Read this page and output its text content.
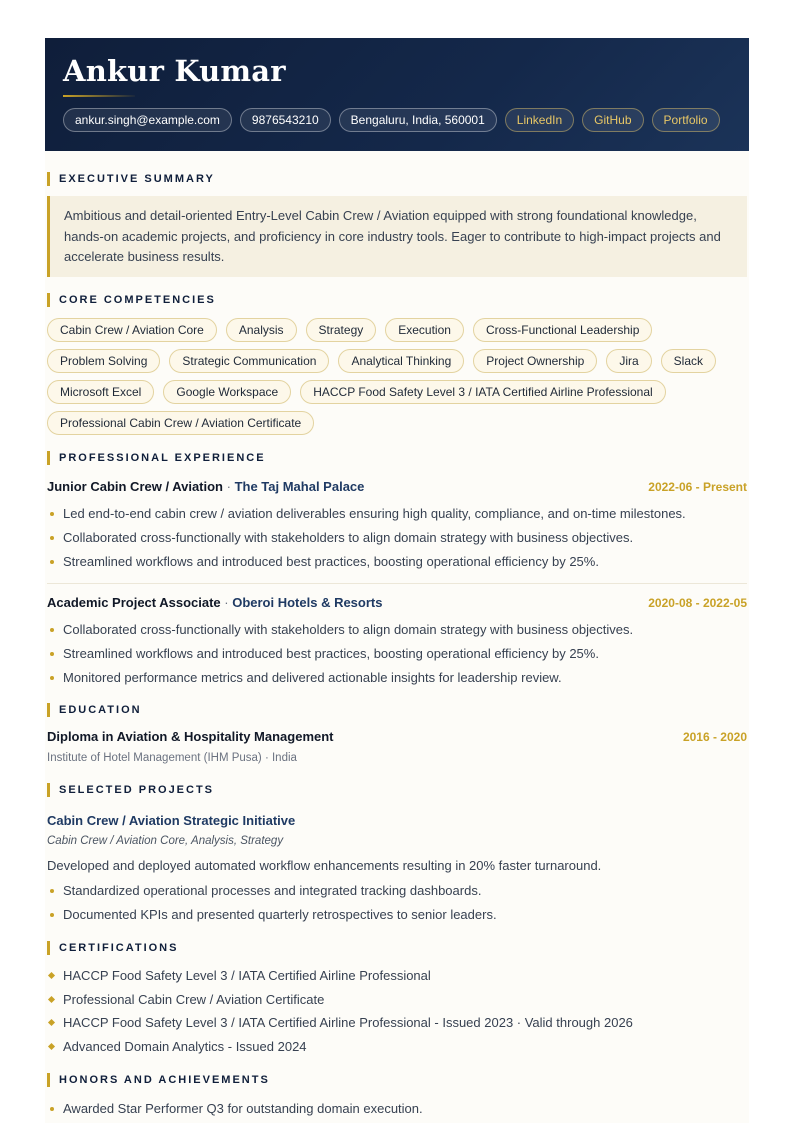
Ankur Kumar
ankur.singh@example.com	9876543210	Bengaluru, India, 560001	LinkedIn	GitHub	Portfolio
EXECUTIVE SUMMARY
Ambitious and detail-oriented Entry-Level Cabin Crew / Aviation equipped with strong foundational knowledge, hands-on academic projects, and proficiency in core industry tools. Eager to contribute to high-impact projects and accelerate business results.
CORE COMPETENCIES
Cabin Crew / Aviation Core	Analysis	Strategy	Execution	Cross-Functional Leadership
Problem Solving	Strategic Communication	Analytical Thinking	Project Ownership	Jira	Slack
Microsoft Excel	Google Workspace	HACCP Food Safety Level 3 / IATA Certified Airline Professional
Professional Cabin Crew / Aviation Certificate
PROFESSIONAL EXPERIENCE
Junior Cabin Crew / Aviation · The Taj Mahal Palace	2022-06 - Present
Led end-to-end cabin crew / aviation deliverables ensuring high quality, compliance, and on-time milestones.
Collaborated cross-functionally with stakeholders to align domain strategy with business objectives.
Streamlined workflows and introduced best practices, boosting operational efficiency by 25%.
Academic Project Associate · Oberoi Hotels & Resorts	2020-08 - 2022-05
Collaborated cross-functionally with stakeholders to align domain strategy with business objectives.
Streamlined workflows and introduced best practices, boosting operational efficiency by 25%.
Monitored performance metrics and delivered actionable insights for leadership review.
EDUCATION
Diploma in Aviation & Hospitality Management	2016 - 2020
Institute of Hotel Management (IHM Pusa) · India
SELECTED PROJECTS
Cabin Crew / Aviation Strategic Initiative
Cabin Crew / Aviation Core, Analysis, Strategy
Developed and deployed automated workflow enhancements resulting in 20% faster turnaround.
Standardized operational processes and integrated tracking dashboards.
Documented KPIs and presented quarterly retrospectives to senior leaders.
CERTIFICATIONS
HACCP Food Safety Level 3 / IATA Certified Airline Professional
Professional Cabin Crew / Aviation Certificate
HACCP Food Safety Level 3 / IATA Certified Airline Professional - Issued 2023 · Valid through 2026
Advanced Domain Analytics - Issued 2024
HONORS AND ACHIEVEMENTS
Awarded Star Performer Q3 for outstanding domain execution.
